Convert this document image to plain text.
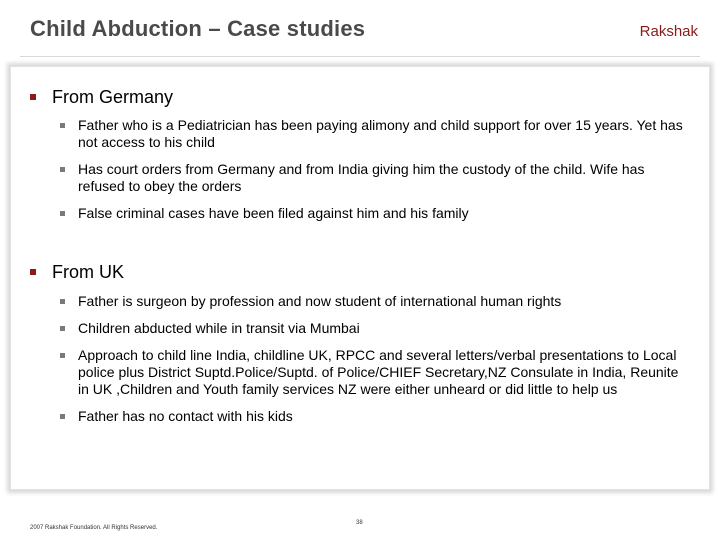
Child Abduction – Case studies	Rakshak
From Germany
Father who is a Pediatrician has been paying alimony and child support for over 15 years. Yet has not access to his child
Has court orders from Germany and from India giving him the custody of the child. Wife has refused to obey the orders
False criminal cases have been filed against him and his family
From UK
Father is surgeon by profession and now student of international human rights
Children abducted while in transit via Mumbai
Approach to child line India, childline UK, RPCC and several letters/verbal presentations to Local police plus District Suptd.Police/Suptd. of Police/CHIEF Secretary,NZ Consulate in India, Reunite in UK ,Children and Youth family services NZ were either unheard or did little to help us
Father has no contact with his kids
2007 Rakshak Foundation. All Rights Reserved.
38
